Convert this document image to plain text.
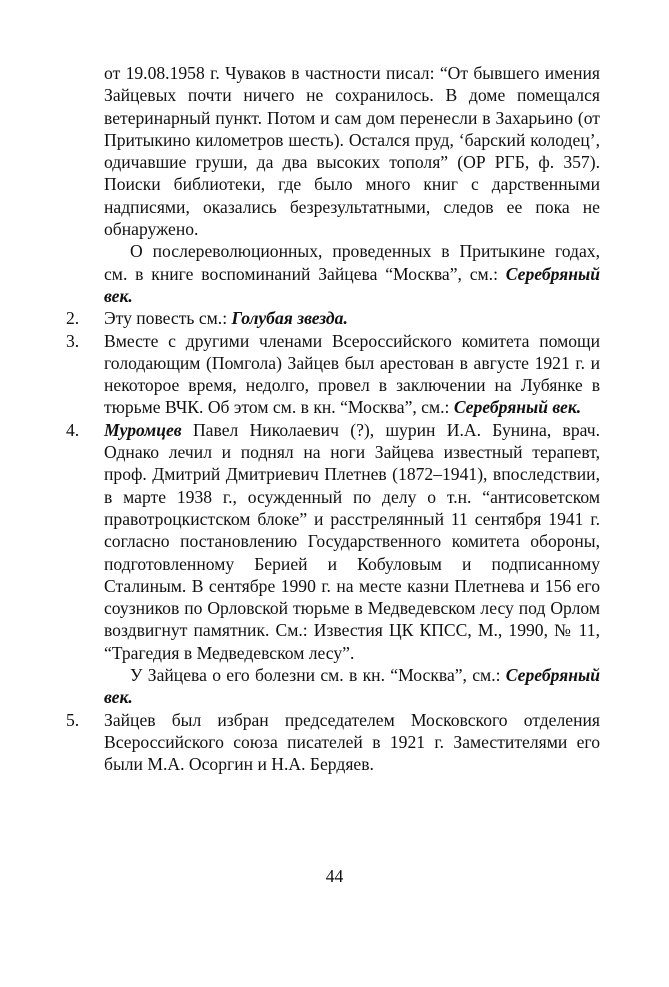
от 19.08.1958 г. Чуваков в частности писал: “От бывшего имения Зайцевых почти ничего не сохранилось. В доме помещался ветеринарный пункт. Потом и сам дом перенесли в Захарьино (от Притыкино километров шесть). Остался пруд, ‘барский колодец’, одичавшие груши, да два высоких тополя” (ОР РГБ, ф. 357). Поиски библиотеки, где было много книг с дарственными надписями, оказались безрезультатными, следов ее пока не обнаружено.

О послереволюционных, проведенных в Притыкине годах, см. в книге воспоминаний Зайцева “Москва”, см.: Серебряный век.

2. Эту повесть см.: Голубая звезда.

3. Вместе с другими членами Всероссийского комитета помощи голодающим (Помгола) Зайцев был арестован в августе 1921 г. и некоторое время, недолго, провел в заключении на Лубянке в тюрьме ВЧК. Об этом см. в кн. “Москва”, см.: Серебряный век.

4. Муромцев Павел Николаевич (?), шурин И.А. Бунина, врач. Однако лечил и поднял на ноги Зайцева известный терапевт, проф. Дмитрий Дмитриевич Плетнев (1872–1941), впоследствии, в марте 1938 г., осужденный по делу о т.н. “антисоветском правотроцкистском блоке” и расстрелянный 11 сентября 1941 г. согласно постановлению Государственного комитета обороны, подготовленному Берией и Кобуловым и подписанному Сталиным. В сентябре 1990 г. на месте казни Плетнева и 156 его соузников по Орловской тюрьме в Медведевском лесу под Орлом воздвигнут памятник. См.: Известия ЦК КПСС, М., 1990, № 11, “Трагедия в Медведевском лесу”.

У Зайцева о его болезни см. в кн. “Москва”, см.: Серебряный век.

5. Зайцев был избран председателем Московского отделения Всероссийского союза писателей в 1921 г. Заместителями его были М.А. Осоргин и Н.А. Бердяев.

44
